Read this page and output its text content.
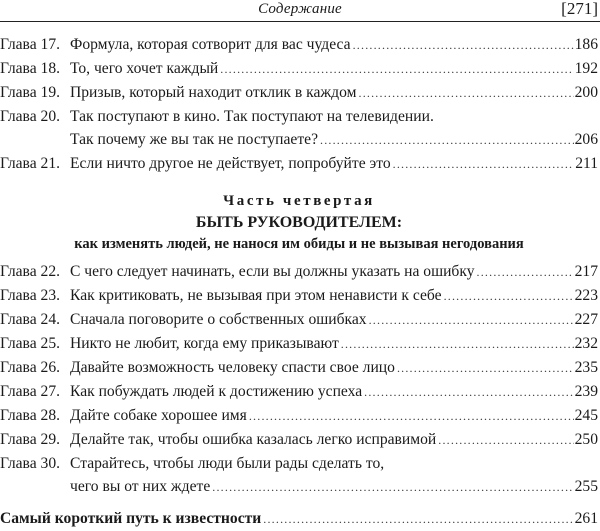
Содержание	[271]
Глава 17. Формула, которая сотворит для вас чудеса .....	186
Глава 18. То, чего хочет каждый .....	192
Глава 19. Призыв, который находит отклик в каждом .....	200
Глава 20. Так поступают в кино. Так поступают на телевидении.
Так почему же вы так не поступаете? .....	206
Глава 21. Если ничто другое не действует, попробуйте это .....	211
Часть четвертая
БЫТЬ РУКОВОДИТЕЛЕМ:
как изменять людей, не нанося им обиды и не вызывая негодования
Глава 22. С чего следует начинать, если вы должны указать на ошибку .....	217
Глава 23. Как критиковать, не вызывая при этом ненависти к себе .....	223
Глава 24. Сначала поговорите о собственных ошибках .....	227
Глава 25. Никто не любит, когда ему приказывают .....	232
Глава 26. Давайте возможность человеку спасти свое лицо .....	235
Глава 27. Как побуждать людей к достижению успеха .....	239
Глава 28. Дайте собаке хорошее имя .....	245
Глава 29. Делайте так, чтобы ошибка казалась легко исправимой .....	250
Глава 30. Старайтесь, чтобы люди были рады сделать то,
чего вы от них ждете .....	255
Самый короткий путь к известности .....	261
